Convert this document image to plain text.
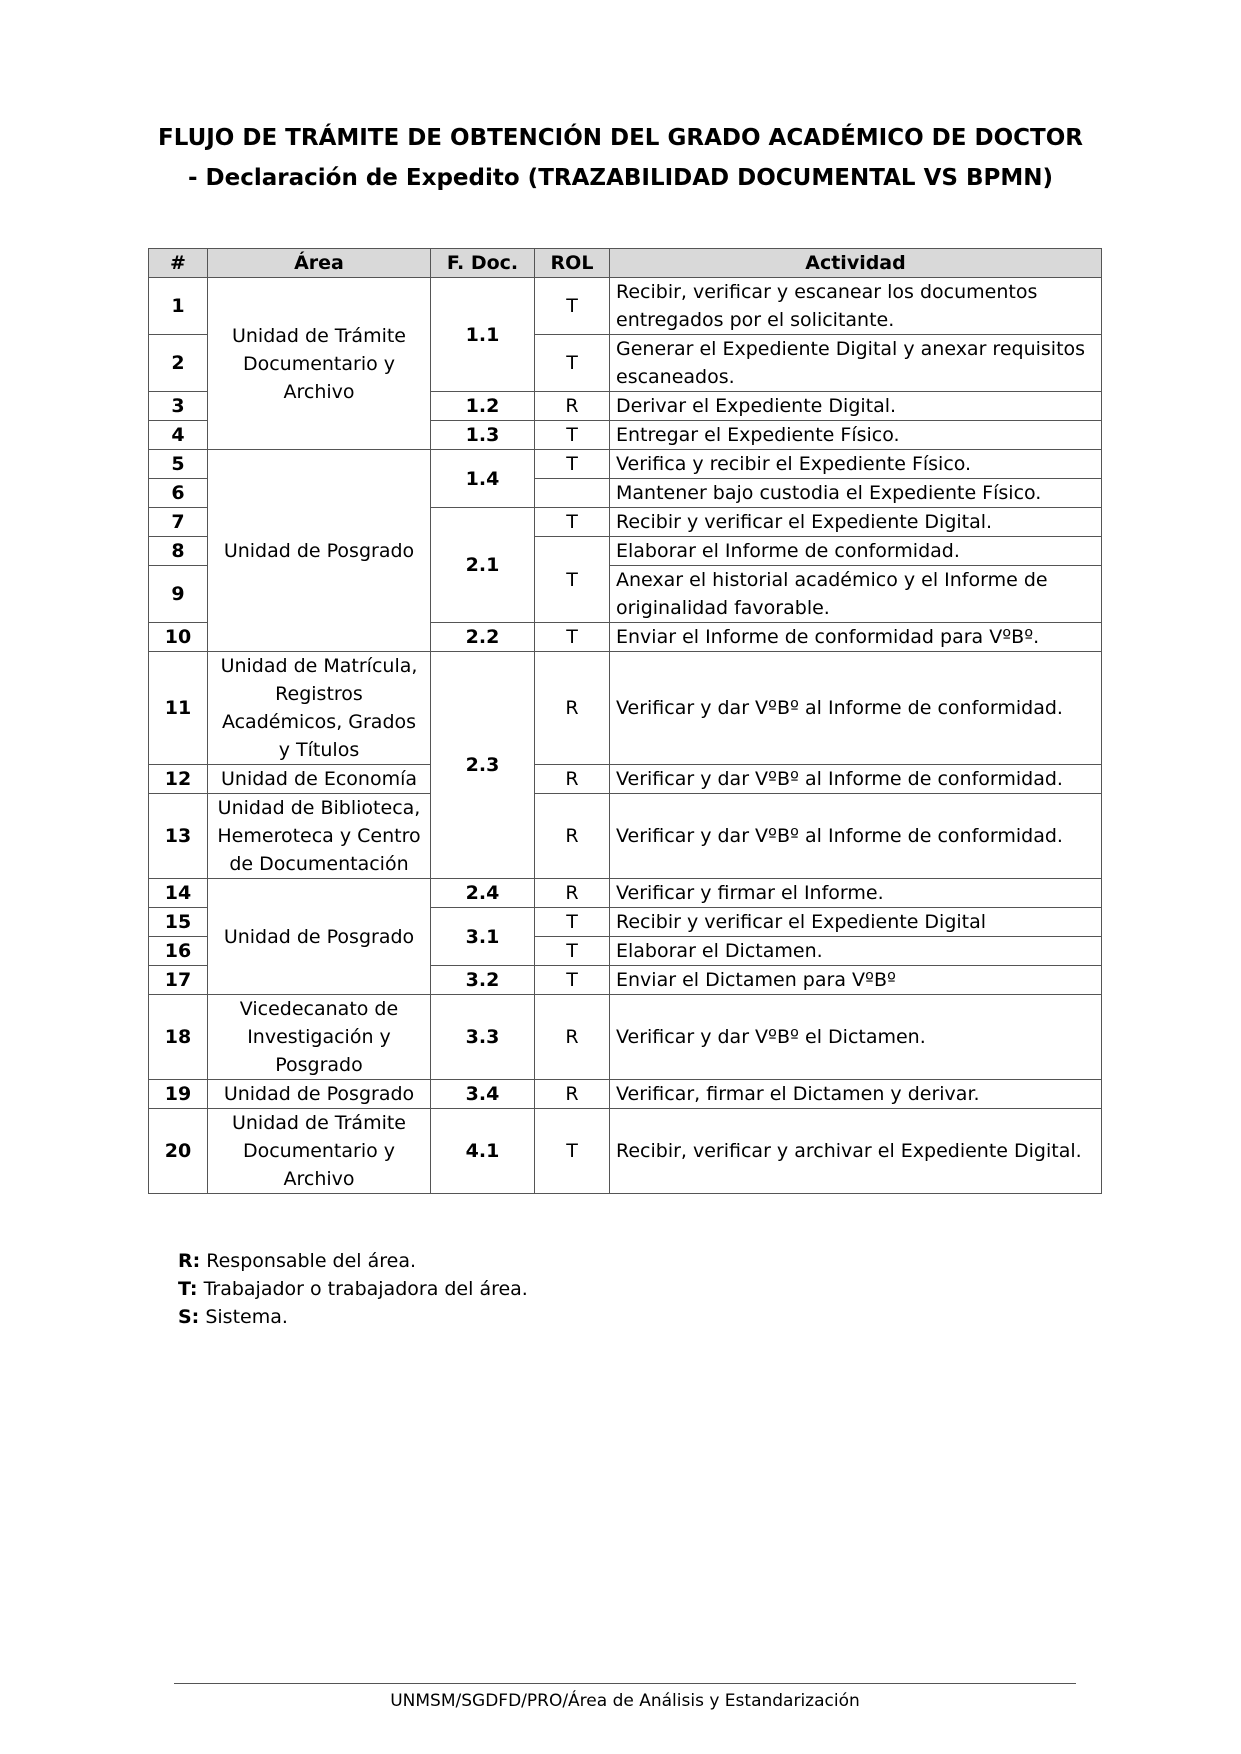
FLUJO DE TRÁMITE DE OBTENCIÓN DEL GRADO ACADÉMICO DE DOCTOR
- Declaración de Expedito (TRAZABILIDAD DOCUMENTAL VS BPMN)
#	Área	F. Doc.	ROL	Actividad
1	Unidad de Trámite Documentario y Archivo	1.1	T	Recibir, verificar y escanear los documentos entregados por el solicitante.
2			T	Generar el Expediente Digital y anexar requisitos escaneados.
3		1.2	R	Derivar el Expediente Digital.
4		1.3	T	Entregar el Expediente Físico.
5	Unidad de Posgrado	1.4	T	Verifica y recibir el Expediente Físico.
6				Mantener bajo custodia el Expediente Físico.
7		2.1	T	Recibir y verificar el Expediente Digital.
8			T	Elaborar el Informe de conformidad.
9				Anexar el historial académico y el Informe de originalidad favorable.
10		2.2	T	Enviar el Informe de conformidad para VºBº.
11	Unidad de Matrícula, Registros Académicos, Grados y Títulos	2.3	R	Verificar y dar VºBº al Informe de conformidad.
12	Unidad de Economía		R	Verificar y dar VºBº al Informe de conformidad.
13	Unidad de Biblioteca, Hemeroteca y Centro de Documentación		R	Verificar y dar VºBº al Informe de conformidad.
14	Unidad de Posgrado	2.4	R	Verificar y firmar el Informe.
15		3.1	T	Recibir y verificar el Expediente Digital
16			T	Elaborar el Dictamen.
17		3.2	T	Enviar el Dictamen para VºBº
18	Vicedecanato de Investigación y Posgrado	3.3	R	Verificar y dar VºBº el Dictamen.
19	Unidad de Posgrado	3.4	R	Verificar, firmar el Dictamen y derivar.
20	Unidad de Trámite Documentario y Archivo	4.1	T	Recibir, verificar y archivar el Expediente Digital.
R: Responsable del área.
T: Trabajador o trabajadora del área.
S: Sistema.
UNMSM/SGDFD/PRO/Área de Análisis y Estandarización
